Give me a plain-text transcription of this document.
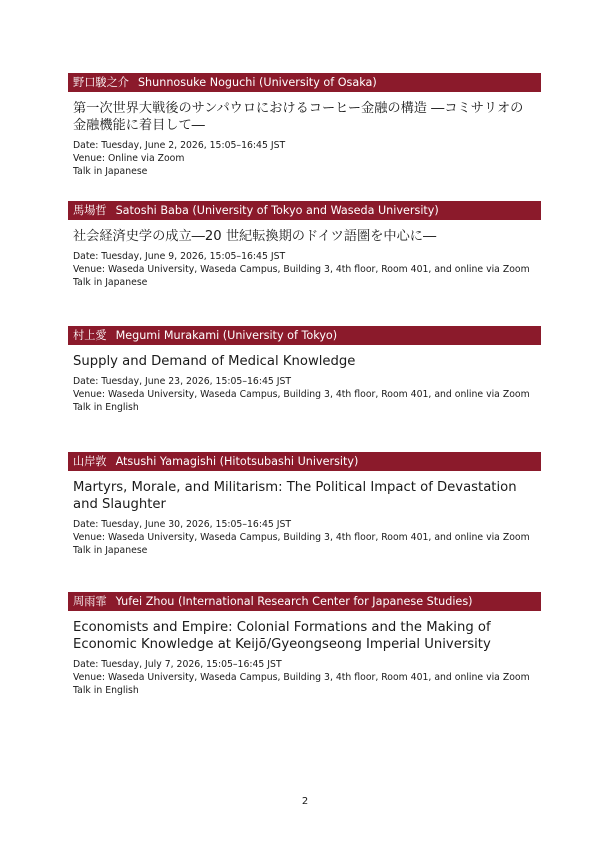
野口駿之介 Shunnosuke Noguchi (University of Osaka)
第一次世界大戦後のサンパウロにおけるコーヒー金融の構造 ―コミサリオの金融機能に着目して―
Date: Tuesday, June 2, 2026, 15:05–16:45 JST
Venue: Online via Zoom
Talk in Japanese
馬場哲 Satoshi Baba (University of Tokyo and Waseda University)
社会経済史学の成立―20 世紀転換期のドイツ語圏を中心に―
Date: Tuesday, June 9, 2026, 15:05–16:45 JST
Venue: Waseda University, Waseda Campus, Building 3, 4th floor, Room 401, and online via Zoom
Talk in Japanese
村上愛 Megumi Murakami (University of Tokyo)
Supply and Demand of Medical Knowledge
Date: Tuesday, June 23, 2026, 15:05–16:45 JST
Venue: Waseda University, Waseda Campus, Building 3, 4th floor, Room 401, and online via Zoom
Talk in English
山岸敦 Atsushi Yamagishi (Hitotsubashi University)
Martyrs, Morale, and Militarism: The Political Impact of Devastation and Slaughter
Date: Tuesday, June 30, 2026, 15:05–16:45 JST
Venue: Waseda University, Waseda Campus, Building 3, 4th floor, Room 401, and online via Zoom
Talk in Japanese
周雨霏 Yufei Zhou (International Research Center for Japanese Studies)
Economists and Empire: Colonial Formations and the Making of Economic Knowledge at Keijō/Gyeongseong Imperial University
Date: Tuesday, July 7, 2026, 15:05–16:45 JST
Venue: Waseda University, Waseda Campus, Building 3, 4th floor, Room 401, and online via Zoom
Talk in English
2
